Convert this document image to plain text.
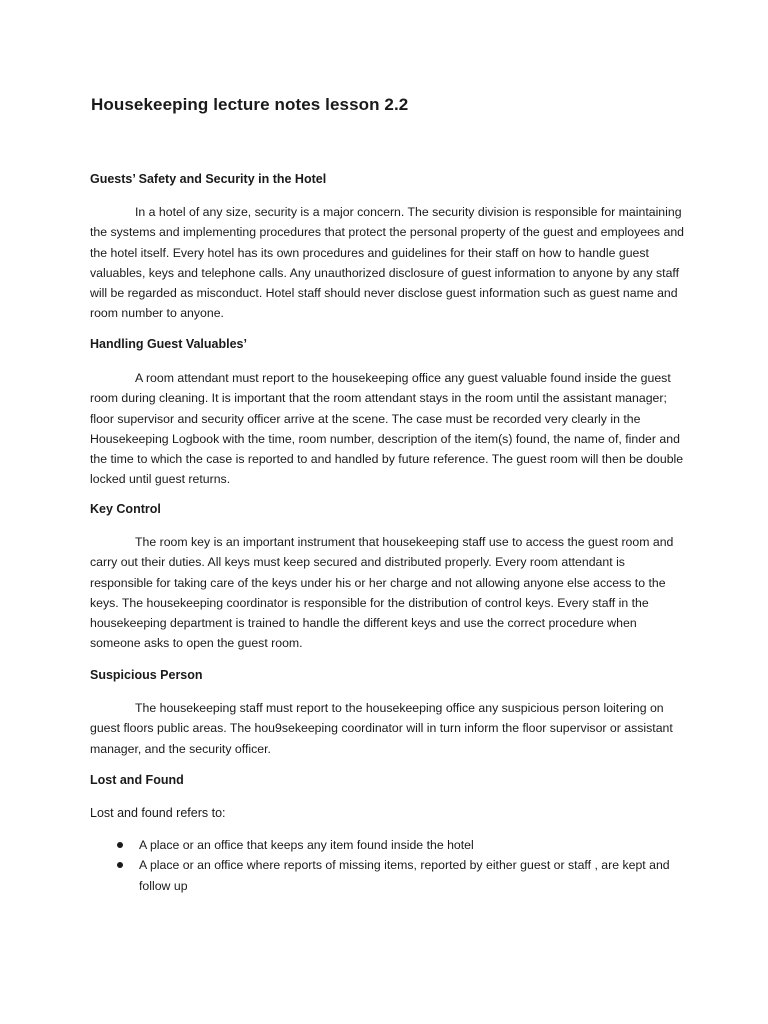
Housekeeping lecture notes lesson 2.2
Guests’ Safety and Security in the Hotel

In a hotel of any size, security is a major concern. The security division is responsible for maintaining the systems and implementing procedures that protect the personal property of the guest and employees and the hotel itself. Every hotel has its own procedures and guidelines for their staff on how to handle guest valuables, keys and telephone calls. Any unauthorized disclosure of guest information to anyone by any staff will be regarded as misconduct. Hotel staff should never disclose guest information such as guest name and room number to anyone.

Handling Guest Valuables’

A room attendant must report to the housekeeping office any guest valuable found inside the guest room during cleaning. It is important that the room attendant stays in the room until the assistant manager; floor supervisor and security officer arrive at the scene. The case must be recorded very clearly in the Housekeeping Logbook with the time, room number, description of the item(s) found, the name of, finder and the time to which the case is reported to and handled by future reference. The guest room will then be double locked until guest returns.

Key Control

The room key is an important instrument that housekeeping staff use to access the guest room and carry out their duties. All keys must keep secured and distributed properly. Every room attendant is responsible for taking care of the keys under his or her charge and not allowing anyone else access to the keys. The housekeeping coordinator is responsible for the distribution of control keys. Every staff in the housekeeping department is trained to handle the different keys and use the correct procedure when someone asks to open the guest room.

Suspicious Person

The housekeeping staff must report to the housekeeping office any suspicious person loitering on guest floors public areas. The hou9sekeeping coordinator will in turn inform the floor supervisor or assistant manager, and the security officer.

Lost and Found

Lost and found refers to:

A place or an office that keeps any item found inside the hotel
A place or an office where reports of missing items, reported by either guest or staff , are kept and follow up
